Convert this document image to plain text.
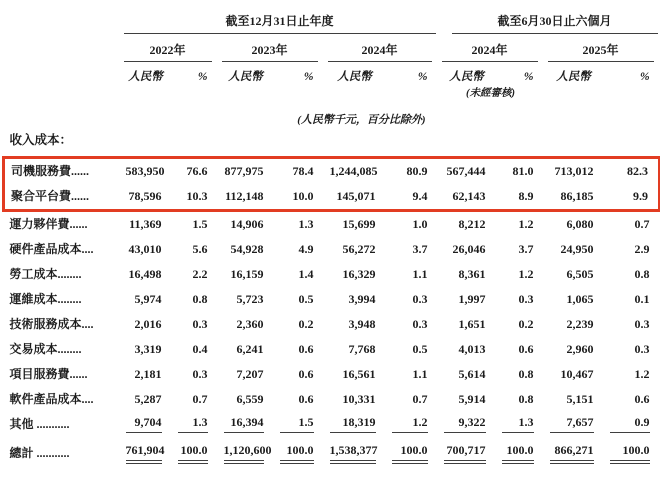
	截至12月31日止年度						截至6月30日止六個月			

	2022年		2023年		2024年		2024年		2025年	

	人民幣	%	人民幣	%	人民幣	%	人民幣	%	人民幣	%
							(未經審核)			
(人民幣千元，百分比除外)										
收入成本：										
司機服務費......	583,950	76.6	877,975	78.4	1,244,085	80.9	567,444	81.0	713,012	82.3
聚合平台費......	78,596	10.3	112,148	10.0	145,071	9.4	62,143	8.9	86,185	9.9
運力夥伴費......	11,369	1.5	14,906	1.3	15,699	1.0	8,212	1.2	6,080	0.7
硬件產品成本....	43,010	5.6	54,928	4.9	56,272	3.7	26,046	3.7	24,950	2.9
勞工成本........	16,498	2.2	16,159	1.4	16,329	1.1	8,361	1.2	6,505	0.8
運維成本........	5,974	0.8	5,723	0.5	3,994	0.3	1,997	0.3	1,065	0.1
技術服務成本....	2,016	0.3	2,360	0.2	3,948	0.3	1,651	0.2	2,239	0.3
交易成本........	3,319	0.4	6,241	0.6	7,768	0.5	4,013	0.6	2,960	0.3
項目服務費......	2,181	0.3	7,207	0.6	16,561	1.1	5,614	0.8	10,467	1.2
軟件產品成本....	5,287	0.7	6,559	0.6	10,331	0.7	5,914	0.8	5,151	0.6
其他 ...........	9,704	1.3	16,394	1.5	18,319	1.2	9,322	1.3	7,657	0.9

總計 ...........	761,904	100.0	1,120,600	100.0	1,538,377	100.0	700,717	100.0	866,271	100.0
